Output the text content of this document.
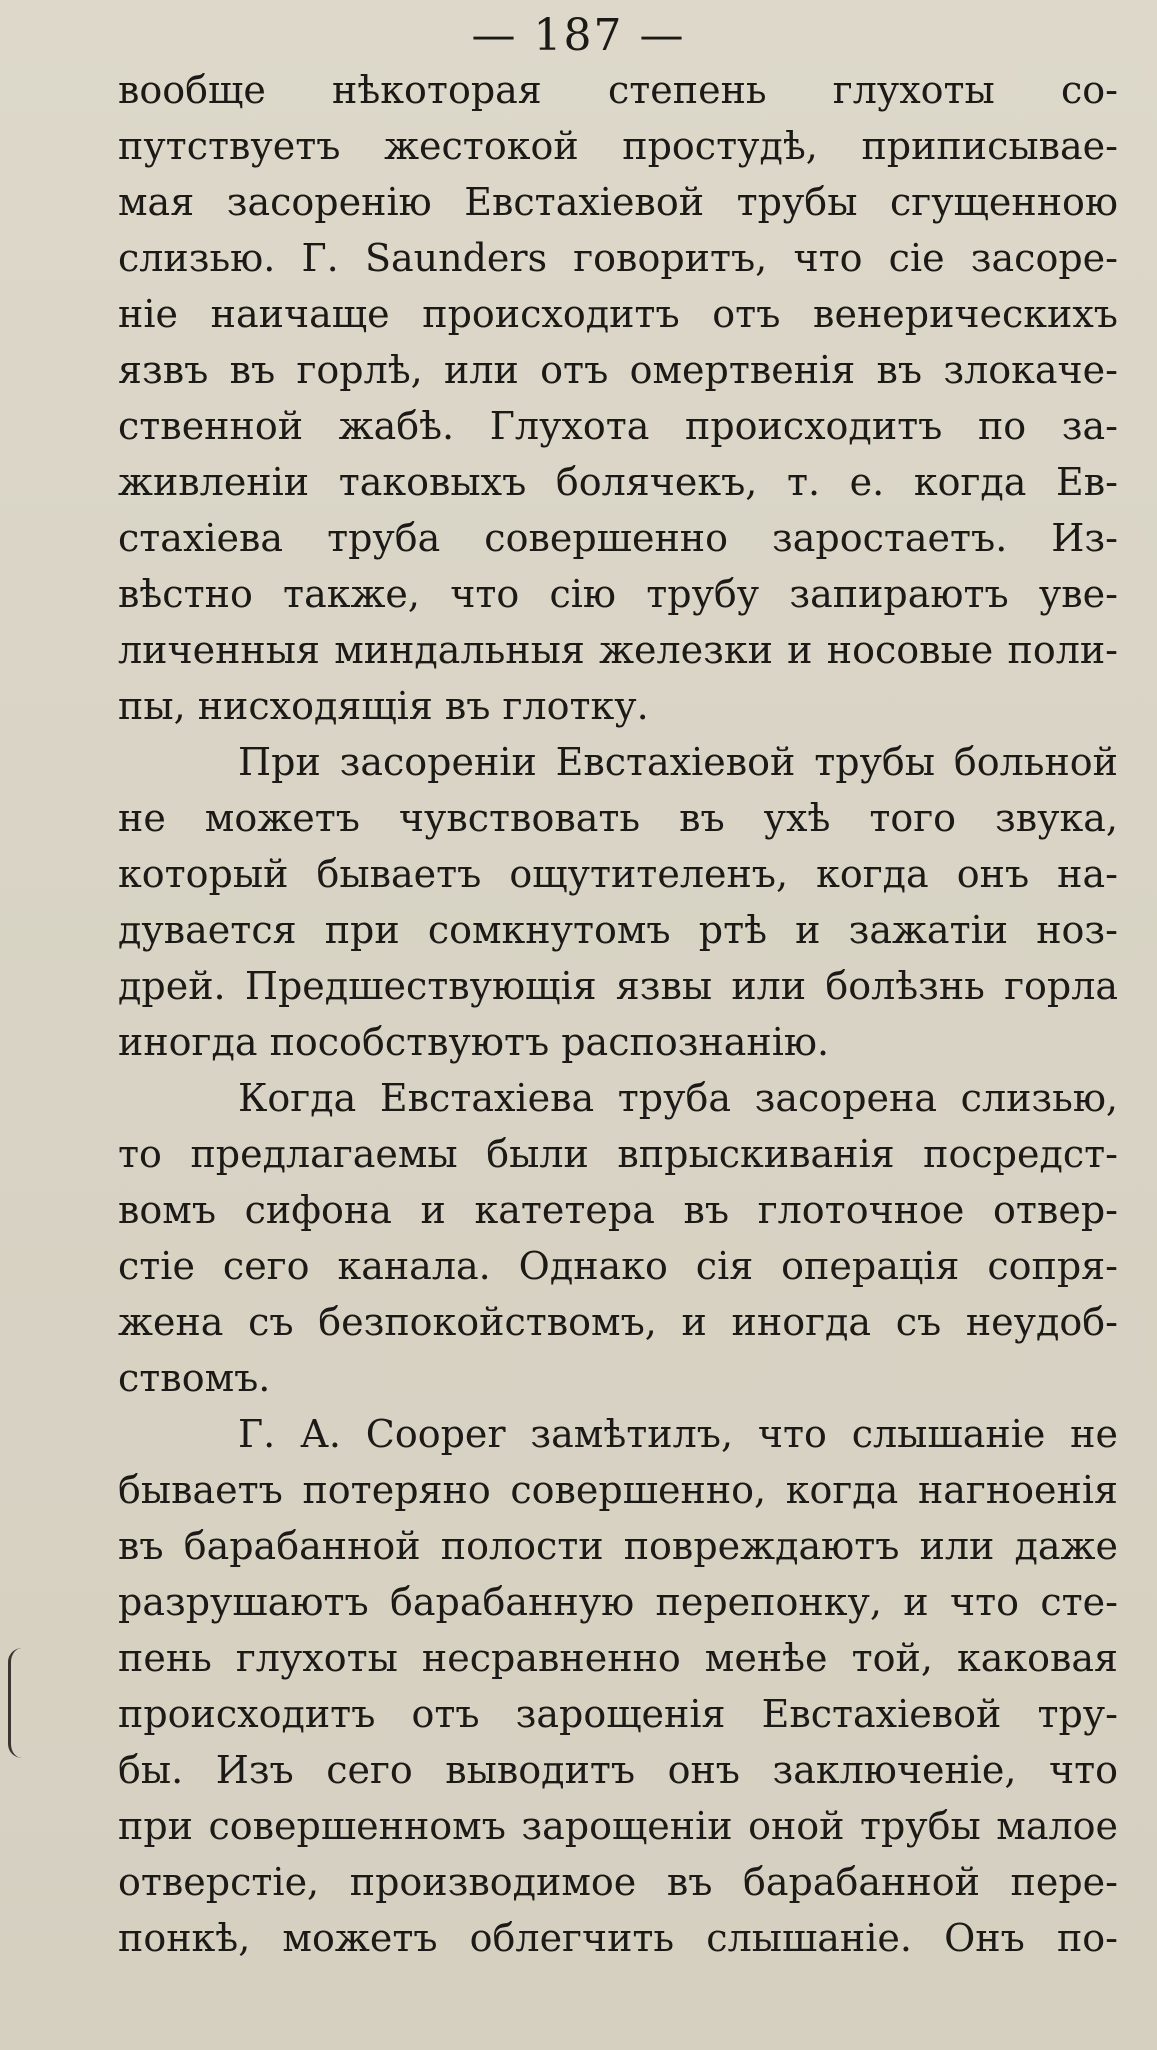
— 187 —
вообще нѣкоторая степень глухоты со-
путствуетъ жестокой простудѣ, приписывае-
мая засоренiю Евстахiевой трубы сгущенною
слизью. Г. Saunders говоритъ, что сiе засоре-
нiе наичаще происходитъ отъ венерическихъ
язвъ въ горлѣ, или отъ омертвенiя въ злокаче-
ственной жабѣ. Глухота происходитъ по за-
живленiи таковыхъ болячекъ, т. е. когда Ев-
стахiева труба совершенно заростаетъ. Из-
вѣстно также, что сiю трубу запираютъ уве-
личенныя миндальныя железки и носовые поли-
пы, нисходящiя въ глотку.
При засоренiи Евстахiевой трубы больной
не можетъ чувствовать въ ухѣ того звука,
который бываетъ ощутителенъ, когда онъ на-
дувается при сомкнутомъ ртѣ и зажатiи ноз-
дрей. Предшествующiя язвы или болѣзнь горла
иногда пособствуютъ распознанiю.
Когда Евстахiева труба засорена слизью,
то предлагаемы были впрыскиванiя посредст-
вомъ сифона и катетера въ глоточное отвер-
стiе сего канала. Однако сiя операцiя сопря-
жена съ безпокойствомъ, и иногда съ неудоб-
ствомъ.
Г. А. Cooper замѣтилъ, что слышанiе не
бываетъ потеряно совершенно, когда нагноенiя
въ барабанной полости повреждаютъ или даже
разрушаютъ барабанную перепонку, и что сте-
пень глухоты несравненно менѣе той, каковая
происходитъ отъ зарощенiя Евстахiевой тру-
бы. Изъ сего выводитъ онъ заключенiе, что
при совершенномъ зарощенiи оной трубы малое
отверстiе, производимое въ барабанной пере-
понкѣ, можетъ облегчить слышанiе. Онъ по-
